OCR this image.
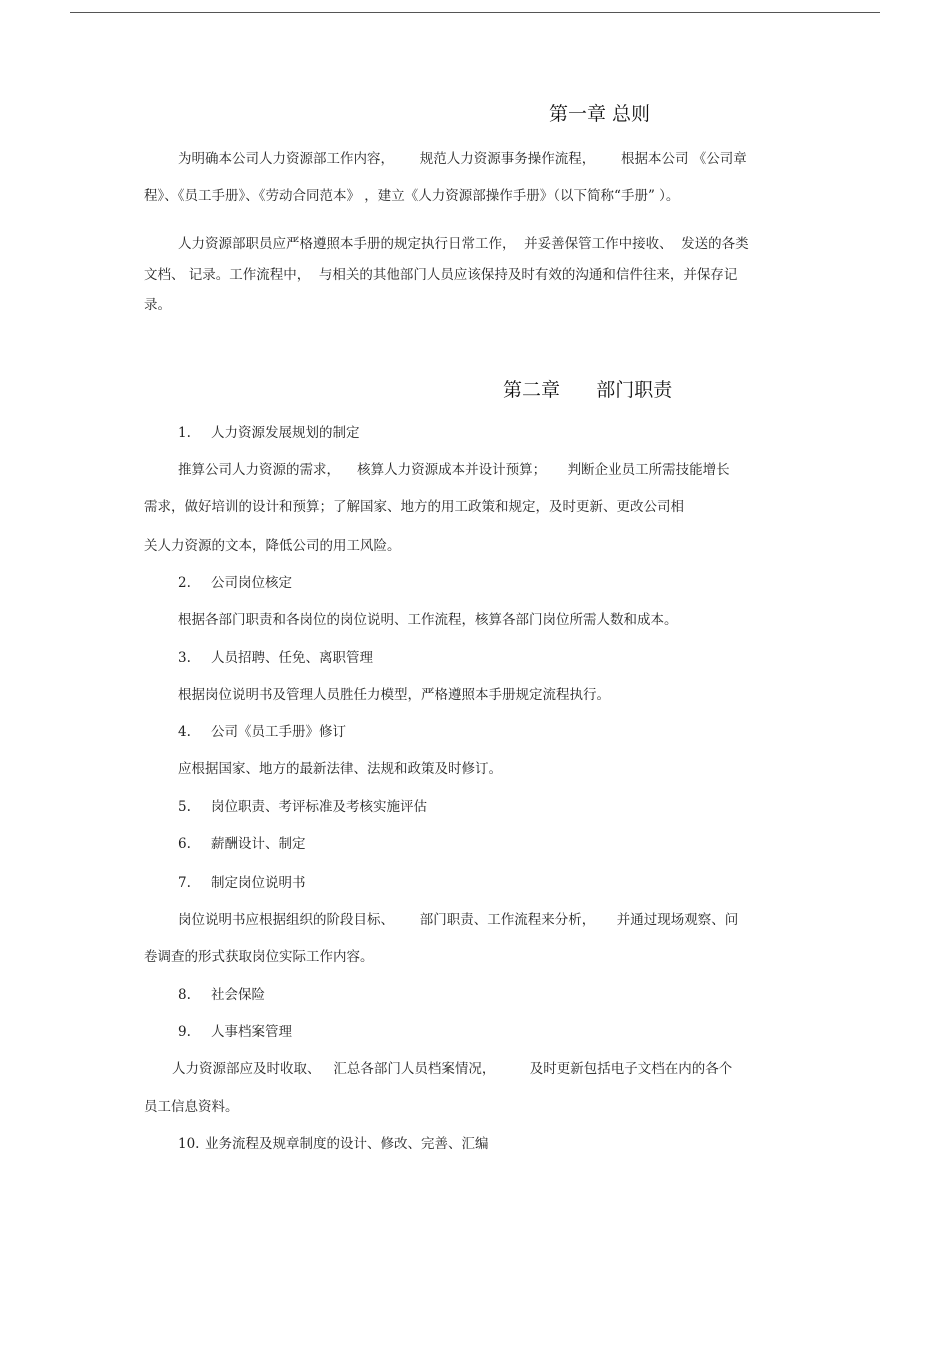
第一章 总则
为明确本公司人力资源部工作内容，      规范人力资源事务操作流程，      根据本公司 《公司章
程》、《员工手册》、《劳动合同范本》 ，建立《人力资源部操作手册》（以下简称“手册” ）。
人力资源部职员应严格遵照本手册的规定执行日常工作，  并妥善保管工作中接收、  发送的各类
文档、 记录。工作流程中，  与相关的其他部门人员应该保持及时有效的沟通和信件往来，并保存记
录。
第二章      部门职责
1. 人力资源发展规划的制定
推算公司人力资源的需求，    核算人力资源成本并设计预算；     判断企业员工所需技能增长
需求，做好培训的设计和预算；了解国家、地方的用工政策和规定，及时更新、更改公司相
关人力资源的文本，降低公司的用工风险。
2. 公司岗位核定
根据各部门职责和各岗位的岗位说明、工作流程，核算各部门岗位所需人数和成本。
3. 人员招聘、任免、离职管理
根据岗位说明书及管理人员胜任力模型，严格遵照本手册规定流程执行。
4. 公司《员工手册》修订
应根据国家、地方的最新法律、法规和政策及时修订。
5. 岗位职责、考评标准及考核实施评估
6. 薪酬设计、制定
7. 制定岗位说明书
岗位说明书应根据组织的阶段目标、      部门职责、工作流程来分析，     并通过现场观察、问
卷调查的形式获取岗位实际工作内容。
8. 社会保险
9. 人事档案管理
人力资源部应及时收取、   汇总各部门人员档案情况，        及时更新包括电子文档在内的各个
员工信息资料。
10. 业务流程及规章制度的设计、修改、完善、汇编
